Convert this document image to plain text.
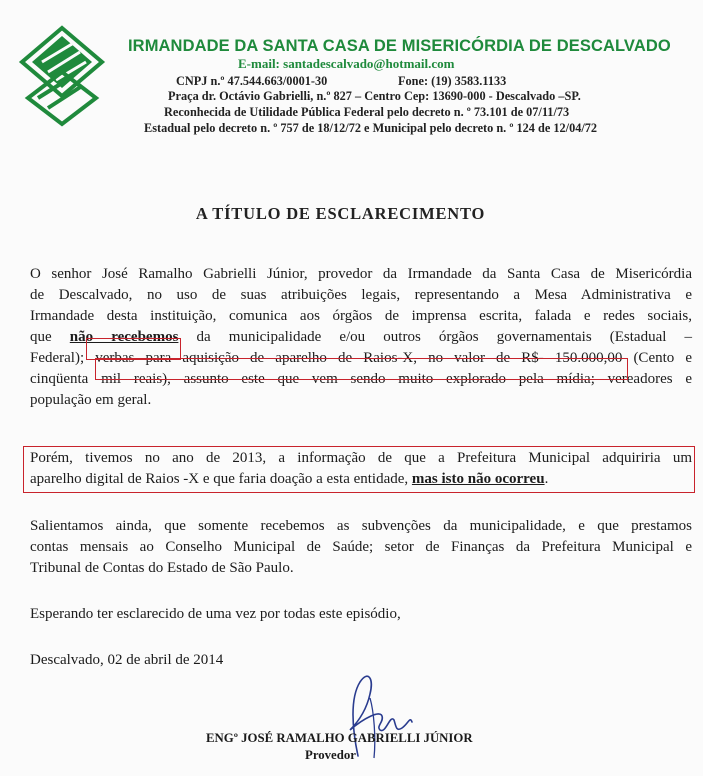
IRMANDADE DA SANTA CASA DE MISERICÓRDIA DE DESCALVADO
E-mail: santadescalvado@hotmail.com
CNPJ n.º 47.544.663/0001-30	Fone: (19) 3583.1133
Praça dr. Octávio Gabrielli, n.º 827 – Centro Cep: 13690-000 - Descalvado –SP.
Reconhecida de Utilidade Pública Federal pelo decreto n. º 73.101 de 07/11/73
Estadual pelo decreto n. º 757 de 18/12/72 e Municipal pelo decreto n. º 124 de 12/04/72
A TÍTULO DE ESCLARECIMENTO
O senhor José Ramalho Gabrielli Júnior, provedor da Irmandade da Santa Casa de Misericórdia
de Descalvado, no uso de suas atribuições legais, representando a Mesa Administrativa e
Irmandade desta instituição, comunica aos órgãos de imprensa escrita, falada e redes sociais,
que não recebemos da municipalidade e/ou outros órgãos governamentais (Estadual –
Federal); verbas para aquisição de aparelho de Raios-X, no valor de R$- 150.000,00 (Cento e
cinqüenta mil reais), assunto este que vem sendo muito explorado pela mídia; vereadores e
população em geral.
Porém, tivemos no ano de 2013, a informação de que a Prefeitura Municipal adquiriria um
aparelho digital de Raios -X e que faria doação a esta entidade, mas isto não ocorreu.
Salientamos ainda, que somente recebemos as subvenções da municipalidade, e que prestamos
contas mensais ao Conselho Municipal de Saúde; setor de Finanças da Prefeitura Municipal e
Tribunal de Contas do Estado de São Paulo.
Esperando ter esclarecido de uma vez por todas este episódio,
Descalvado, 02 de abril de 2014
ENGº JOSÉ RAMALHO GABRIELLI JÚNIOR
Provedor
